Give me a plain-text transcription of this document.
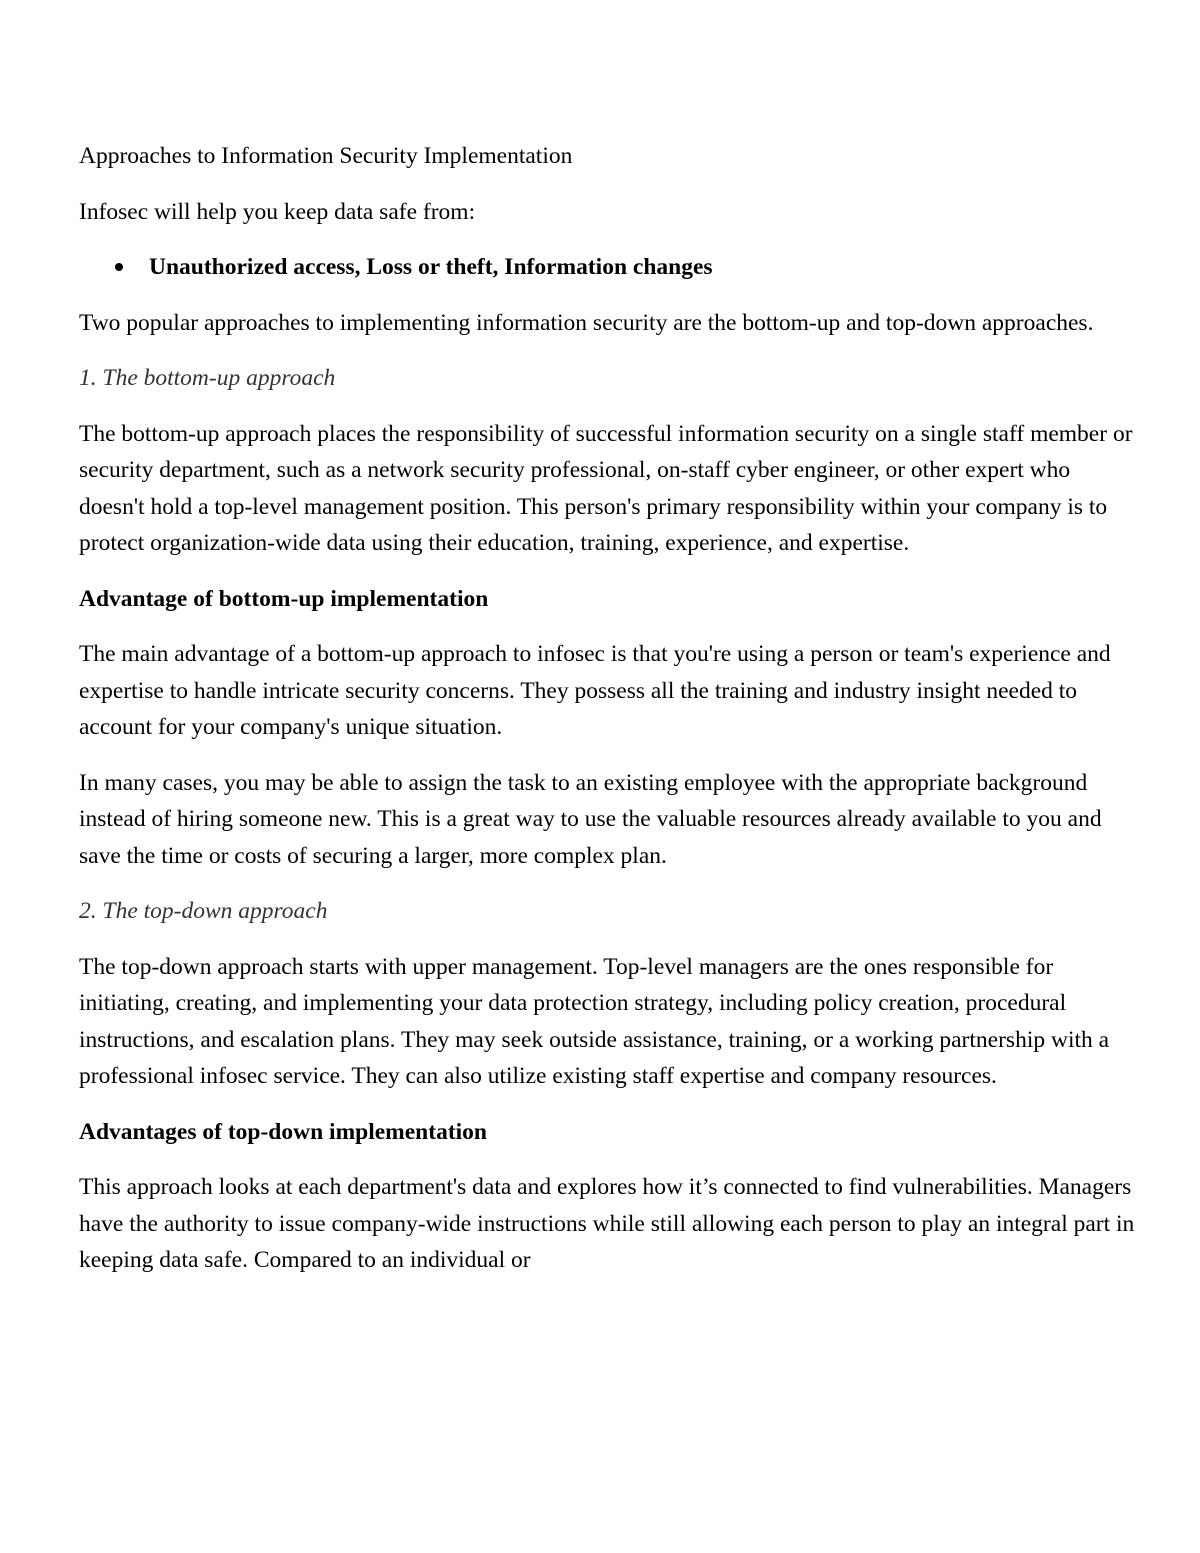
Approaches to Information Security Implementation

Infosec will help you keep data safe from:

Unauthorized access, Loss or theft, Information changes

Two popular approaches to implementing information security are the bottom-up and top-down approaches.

1. The bottom-up approach

The bottom-up approach places the responsibility of successful information security on a single staff member or security department, such as a network security professional, on-staff cyber engineer, or other expert who doesn't hold a top-level management position. This person's primary responsibility within your company is to protect organization-wide data using their education, training, experience, and expertise.

Advantage of bottom-up implementation

The main advantage of a bottom-up approach to infosec is that you're using a person or team's experience and expertise to handle intricate security concerns. They possess all the training and industry insight needed to account for your company's unique situation.

In many cases, you may be able to assign the task to an existing employee with the appropriate background instead of hiring someone new. This is a great way to use the valuable resources already available to you and save the time or costs of securing a larger, more complex plan.

2. The top-down approach

The top-down approach starts with upper management. Top-level managers are the ones responsible for initiating, creating, and implementing your data protection strategy, including policy creation, procedural instructions, and escalation plans. They may seek outside assistance, training, or a working partnership with a professional infosec service. They can also utilize existing staff expertise and company resources.

Advantages of top-down implementation

This approach looks at each department's data and explores how it’s connected to find vulnerabilities. Managers have the authority to issue company-wide instructions while still allowing each person to play an integral part in keeping data safe. Compared to an individual or
